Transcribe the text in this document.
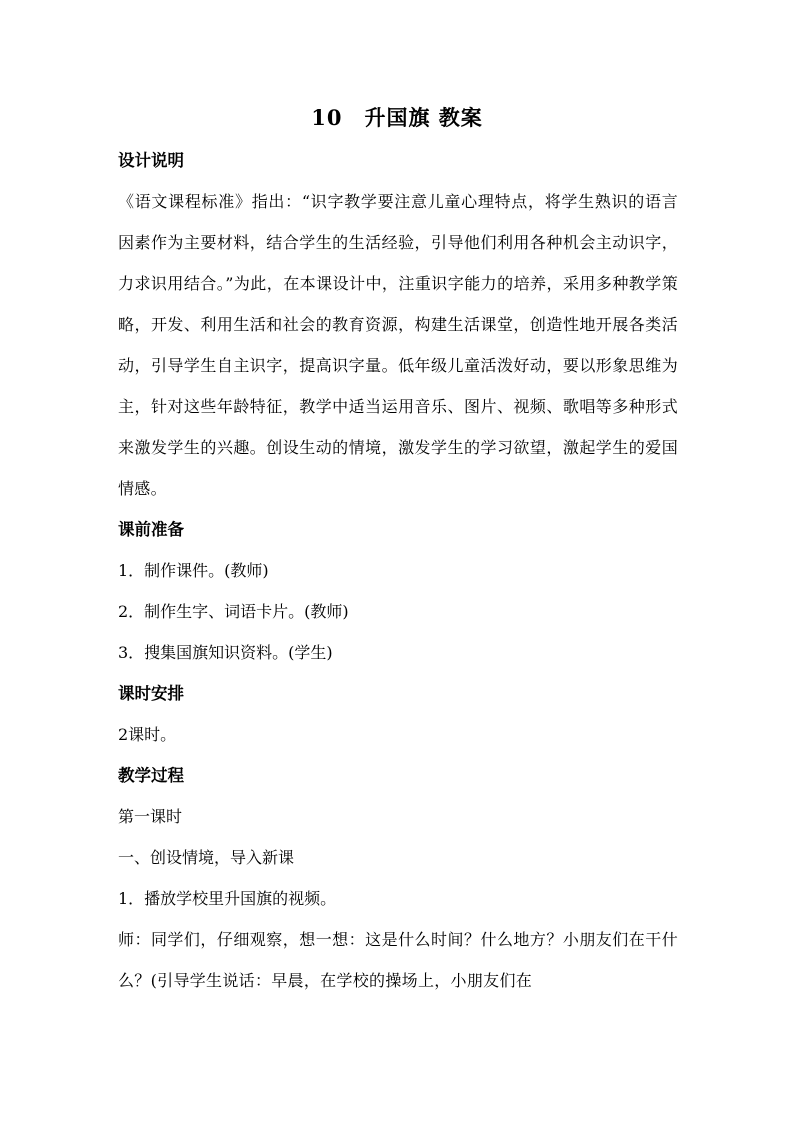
10　升国旗 教案
设计说明
《语文课程标准》指出：“识字教学要注意儿童心理特点，将学生熟识的语言因素作为主要材料，结合学生的生活经验，引导他们利用各种机会主动识字，力求识用结合。”为此，在本课设计中，注重识字能力的培养，采用多种教学策略，开发、利用生活和社会的教育资源，构建生活课堂，创造性地开展各类活动，引导学生自主识字，提高识字量。低年级儿童活泼好动，要以形象思维为主，针对这些年龄特征，教学中适当运用音乐、图片、视频、歌唱等多种形式来激发学生的兴趣。创设生动的情境，激发学生的学习欲望，激起学生的爱国情感。
课前准备
1．制作课件。(教师)
2．制作生字、词语卡片。(教师)
3．搜集国旗知识资料。(学生)
课时安排
2课时。
教学过程
第一课时
一、创设情境，导入新课
1．播放学校里升国旗的视频。
师：同学们，仔细观察，想一想：这是什么时间？什么地方？小朋友们在干什么？(引导学生说话：早晨，在学校的操场上，小朋友们在
